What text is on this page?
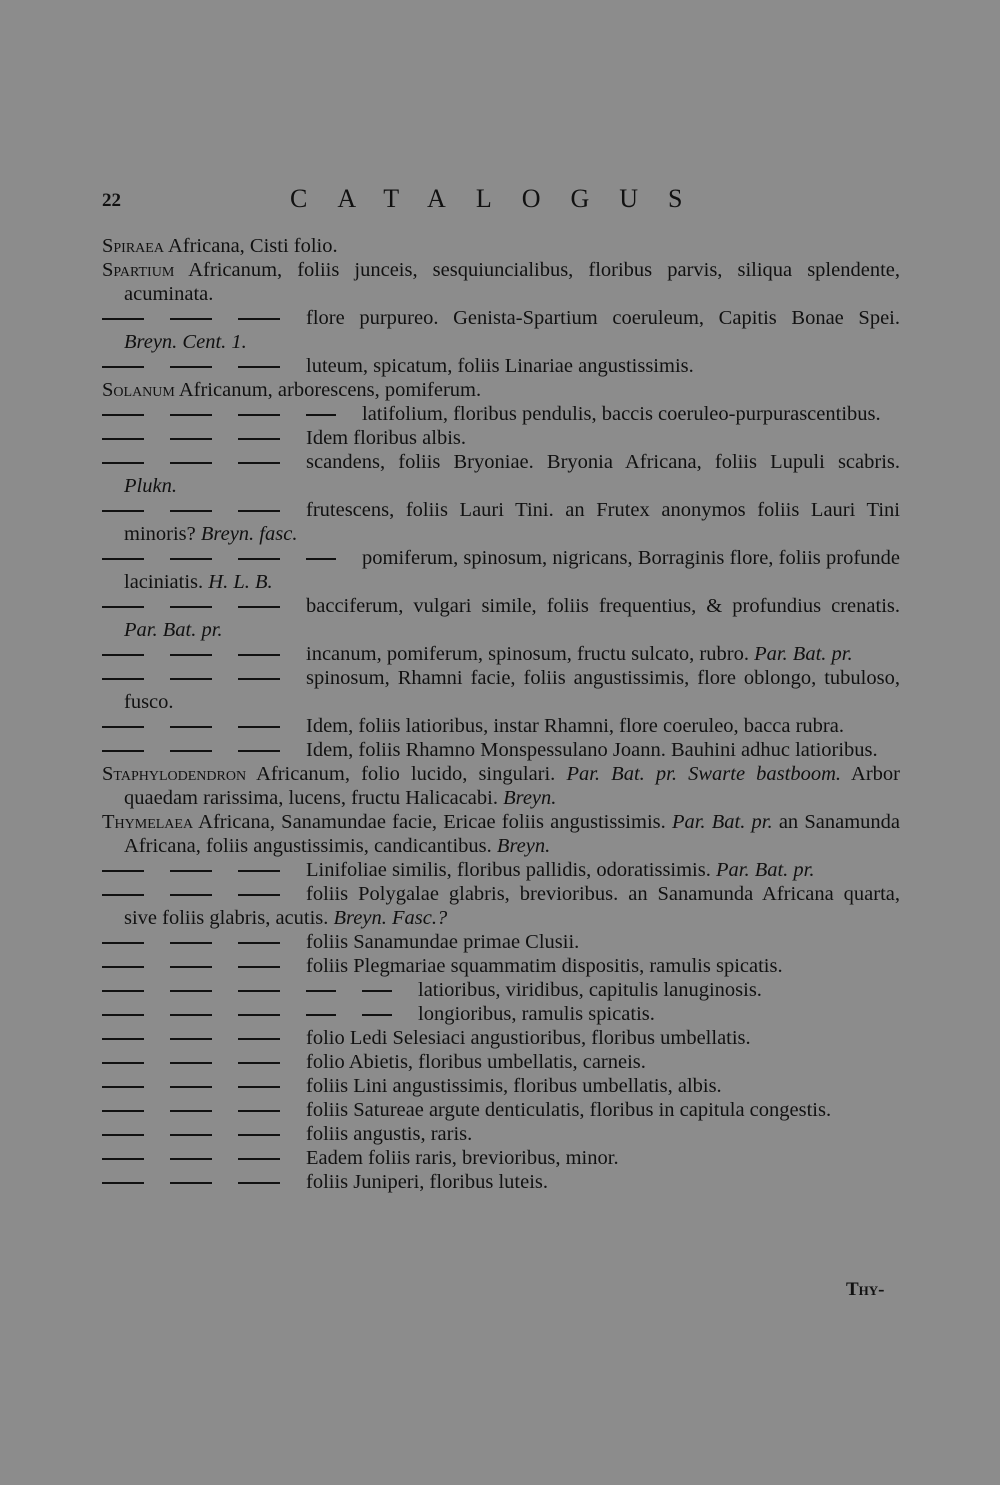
22	CATALOGUS

Spiraea Africana, Cisti folio.

Spartium Africanum, foliis junceis, sesquiuncialibus, floribus parvis, siliqua splendente, acuminata.

flore purpureo. Genista-Spartium coeruleum, Capitis Bonae Spei. Breyn. Cent. 1.

luteum, spicatum, foliis Linariae angustissimis.

Solanum Africanum, arborescens, pomiferum.

latifolium, floribus pendulis, baccis coeruleo-purpurascentibus.

Idem floribus albis.

scandens, foliis Bryoniae. Bryonia Africana, foliis Lupuli scabris. Plukn.

frutescens, foliis Lauri Tini. an Frutex anonymos foliis Lauri Tini minoris? Breyn. fasc.

pomiferum, spinosum, nigricans, Borraginis flore, foliis profunde laciniatis. H. L. B.

bacciferum, vulgari simile, foliis frequentius, & profundius crenatis. Par. Bat. pr.

incanum, pomiferum, spinosum, fructu sulcato, rubro. Par. Bat. pr.

spinosum, Rhamni facie, foliis angustissimis, flore oblongo, tubuloso, fusco.

Idem, foliis latioribus, instar Rhamni, flore coeruleo, bacca rubra.

Idem, foliis Rhamno Monspessulano Joann. Bauhini adhuc latioribus.

Staphylodendron Africanum, folio lucido, singulari. Par. Bat. pr. Swarte bastboom. Arbor quaedam rarissima, lucens, fructu Halicacabi. Breyn.

Thymelaea Africana, Sanamundae facie, Ericae foliis angustissimis. Par. Bat. pr. an Sanamunda Africana, foliis angustissimis, candicantibus. Breyn.

Linifoliae similis, floribus pallidis, odoratissimis. Par. Bat. pr.

foliis Polygalae glabris, brevioribus. an Sanamunda Africana quarta, sive foliis glabris, acutis. Breyn. Fasc.?

foliis Sanamundae primae Clusii.

foliis Plegmariae squammatim dispositis, ramulis spicatis.

latioribus, viridibus, capitulis lanuginosis.

longioribus, ramulis spicatis.

folio Ledi Selesiaci angustioribus, floribus umbellatis.

folio Abietis, floribus umbellatis, carneis.

foliis Lini angustissimis, floribus umbellatis, albis.

foliis Satureae argute denticulatis, floribus in capitula congestis.

foliis angustis, raris.

Eadem foliis raris, brevioribus, minor.

foliis Juniperi, floribus luteis.

Thy-
